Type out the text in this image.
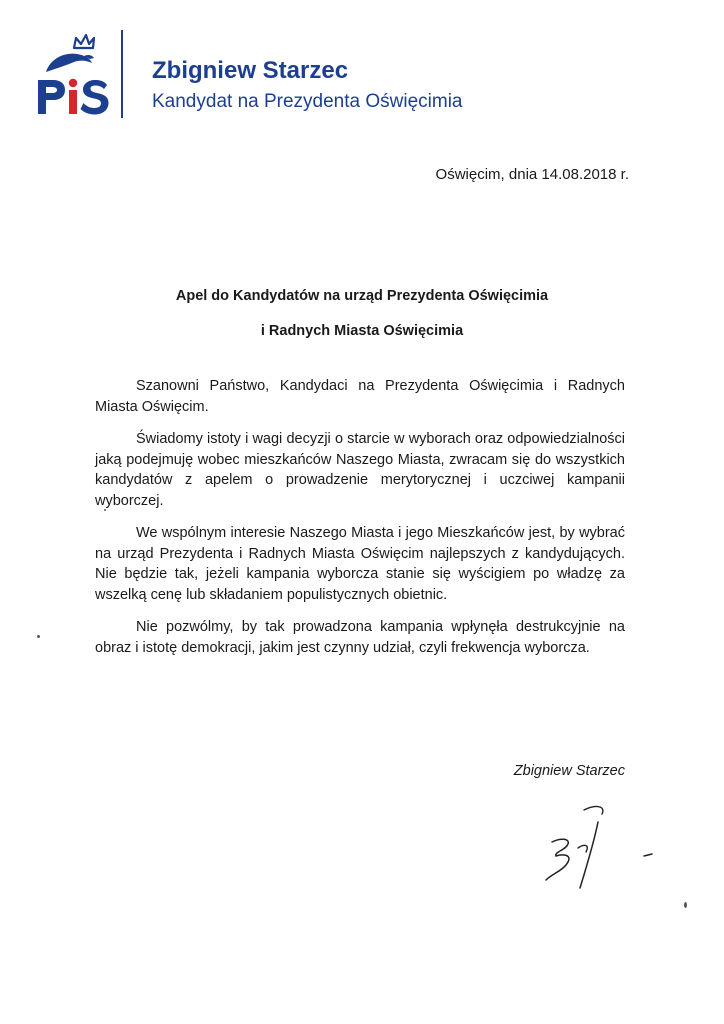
Zbigniew Starzec
Kandydat na Prezydenta Oświęcimia
Oświęcim, dnia 14.08.2018 r.
Apel do Kandydatów na urząd Prezydenta Oświęcimia
i Radnych Miasta Oświęcimia

Szanowni Państwo, Kandydaci na Prezydenta Oświęcimia i Radnych Miasta Oświęcim.

Świadomy istoty i wagi decyzji o starcie w wyborach oraz odpowiedzialności jaką podejmuję wobec mieszkańców Naszego Miasta, zwracam się do wszystkich kandydatów z apelem o prowadzenie merytorycznej i uczciwej kampanii wyborczej.

We wspólnym interesie Naszego Miasta i jego Mieszkańców jest, by wybrać na urząd Prezydenta i Radnych Miasta Oświęcim najlepszych z kandydujących. Nie będzie tak, jeżeli kampania wyborcza stanie się wyścigiem po władzę za wszelką cenę lub składaniem populistycznych obietnic.

Nie pozwólmy, by tak prowadzona kampania wpłynęła destrukcyjnie na obraz i istotę demokracji, jakim jest czynny udział, czyli frekwencja wyborcza.

Zbigniew Starzec
